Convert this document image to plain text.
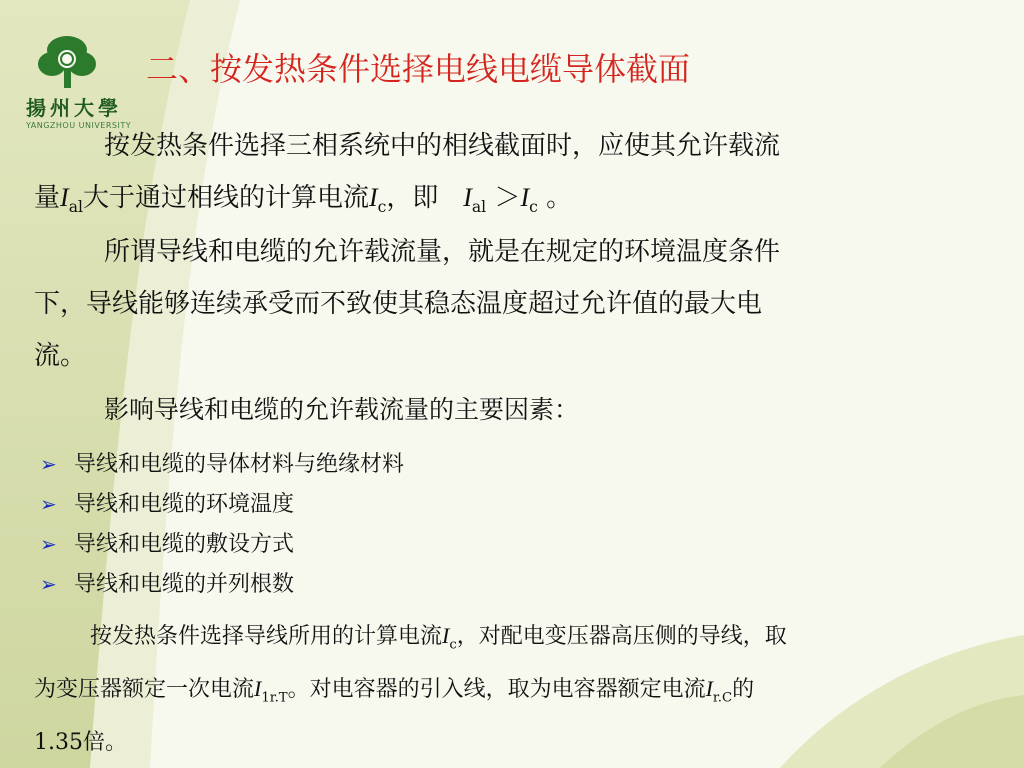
揚州大學
YANGZHOU UNIVERSITY
二、按发热条件选择电线电缆导体截面
按发热条件选择三相系统中的相线截面时，应使其允许载流
量$I_{al}$大于通过相线的计算电流$I_c$，即   $I_{al} >I_c$ 。
所谓导线和电缆的允许载流量，就是在规定的环境温度条件
下，导线能够连续承受而不致使其稳态温度超过允许值的最大电
流。
影响导线和电缆的允许载流量的主要因素：
➢ 导线和电缆的导体材料与绝缘材料
➢ 导线和电缆的环境温度
➢ 导线和电缆的敷设方式
➢ 导线和电缆的并列根数
按发热条件选择导线所用的计算电流$I_c$，对配电变压器高压侧的导线，取
为变压器额定一次电流$I_{1r.T}$。对电容器的引入线，取为电容器额定电流$I_{r.C}$的
1.35倍。
